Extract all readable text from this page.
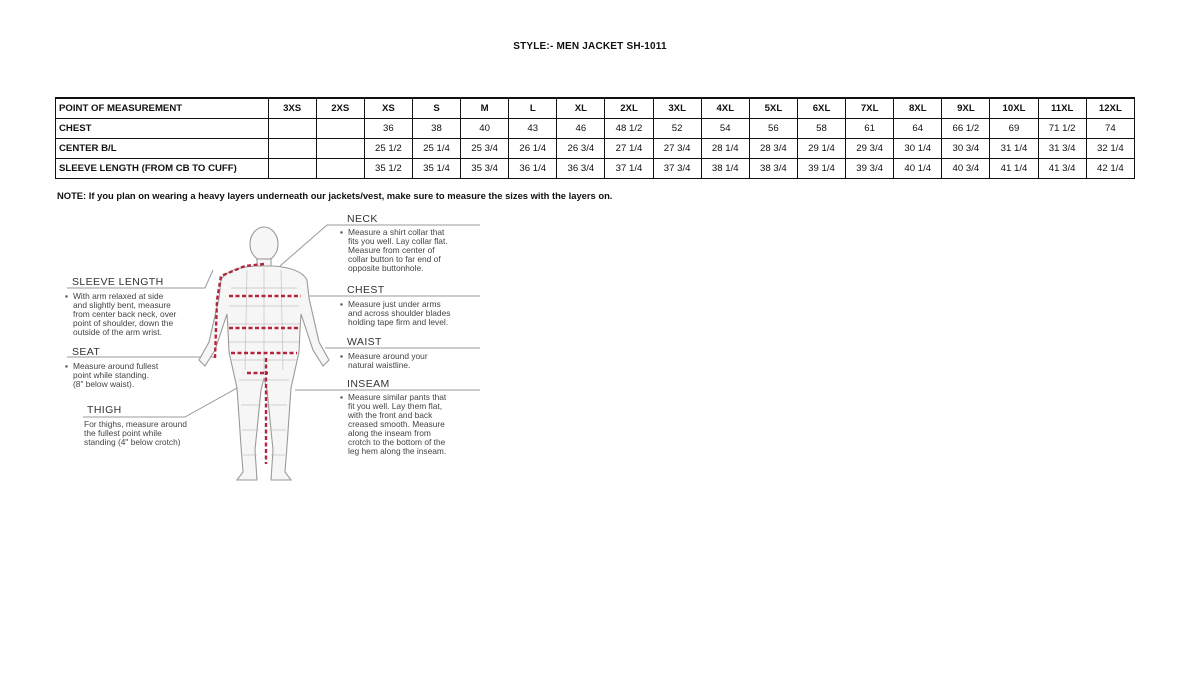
STYLE:- MEN JACKET SH-1011
POINT OF MEASUREMENT	3XS	2XS	XS	S	M	L	XL	2XL	3XL	4XL	5XL	6XL	7XL	8XL	9XL	10XL	11XL	12XL
CHEST			36	38	40	43	46	48 1/2	52	54	56	58	61	64	66 1/2	69	71 1/2	74
CENTER B/L			25 1/2	25 1/4	25 3/4	26 1/4	26 3/4	27 1/4	27 3/4	28 1/4	28 3/4	29 1/4	29 3/4	30 1/4	30 3/4	31 1/4	31 3/4	32 1/4
SLEEVE LENGTH (FROM CB TO CUFF)			35 1/2	35 1/4	35 3/4	36 1/4	36 3/4	37 1/4	37 3/4	38 1/4	38 3/4	39 1/4	39 3/4	40 1/4	40 3/4	41 1/4	41 3/4	42 1/4
NOTE: If you plan on wearing a heavy layers underneath our jackets/vest, make sure to measure the sizes with the layers on.
NECK
▪ Measure a shirt collar that
fits you well. Lay collar flat.
Measure from center of
collar button to far end of
opposite buttonhole.
CHEST
▪ Measure just under arms
and across shoulder blades
holding tape firm and level.
WAIST
▪ Measure around your
natural waistline.
INSEAM
▪ Measure similar pants that
fit you well. Lay them flat,
with the front and back
creased smooth. Measure
along the inseam from
crotch to the bottom of the
leg hem along the inseam.
SLEEVE LENGTH
▪ With arm relaxed at side
and slightly bent, measure
from center back neck, over
point of shoulder, down the
outside of the arm wrist.
SEAT
▪ Measure around fullest
point while standing.
(8" below waist).
THIGH
For thighs, measure around
the fullest point while
standing (4" below crotch)
